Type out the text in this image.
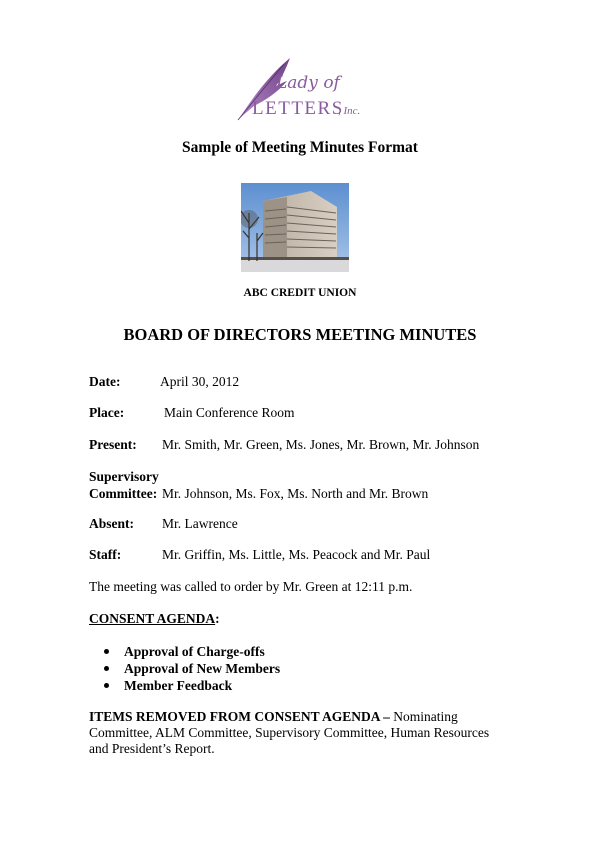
Lady of
LETTERS
, Inc.
Sample of Meeting Minutes Format
ABC CREDIT UNION
BOARD OF DIRECTORS MEETING MINUTES
Date:	April 30, 2012
Place:	Main Conference Room
Present: Mr. Smith, Mr. Green, Ms. Jones, Mr. Brown, Mr. Johnson
Supervisory
Committee: Mr. Johnson, Ms. Fox, Ms. North and Mr. Brown
Absent: Mr. Lawrence
Staff:	Mr. Griffin, Ms. Little, Ms. Peacock and Mr. Paul
The meeting was called to order by Mr. Green at 12:11 p.m.
CONSENT AGENDA:
Approval of Charge-offs
Approval of New Members
Member Feedback
ITEMS REMOVED FROM CONSENT AGENDA – Nominating Committee, ALM Committee, Supervisory Committee, Human Resources and President’s Report.
